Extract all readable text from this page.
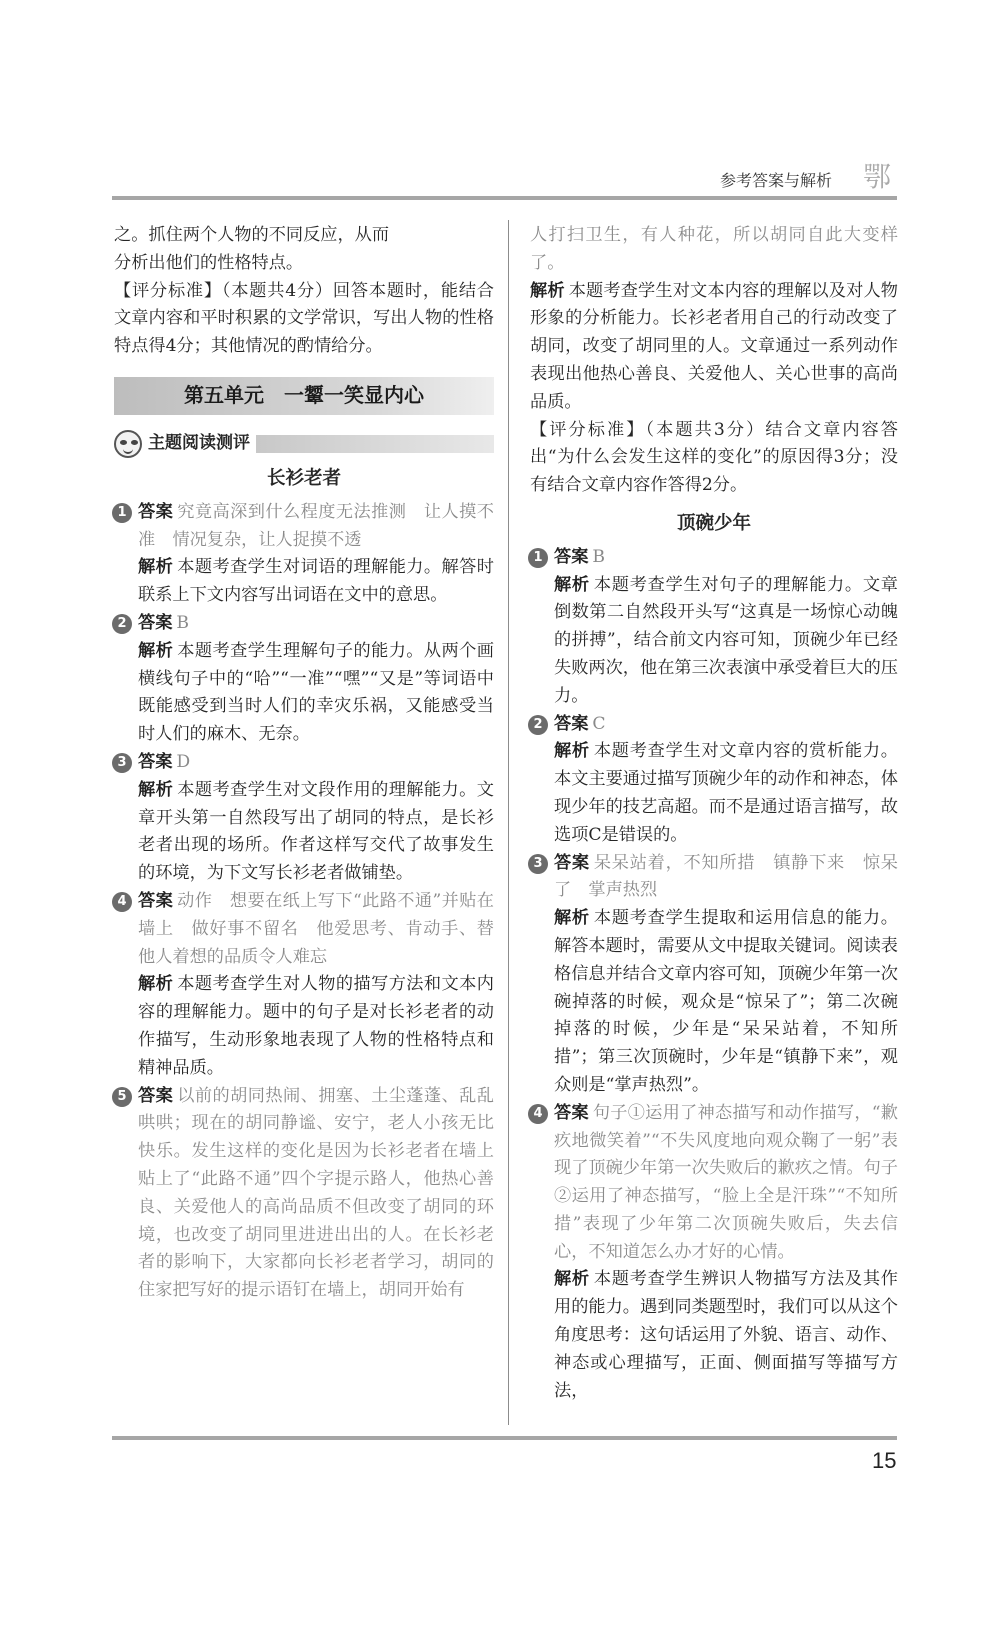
参考答案与解析 鄂

之。抓住两个人物的不同反应，从而

分析出他们的性格特点。

【评分标准】（本题共4分）回答本题时，能结合文章内容和平时积累的文学常识，写出人物的性格特点得4分；其他情况的酌情给分。

第五单元　一颦一笑显内心
主题阅读测评
长衫老者
1 答案 究竟高深到什么程度无法推测　让人摸不准　情况复杂，让人捉摸不透

解析 本题考查学生对词语的理解能力。解答时联系上下文内容写出词语在文中的意思。

2 答案 B

解析 本题考查学生理解句子的能力。从两个画横线句子中的“哈”“一准”“嘿”“又是”等词语中既能感受到当时人们的幸灾乐祸，又能感受当时人们的麻木、无奈。

3 答案 D

解析 本题考查学生对文段作用的理解能力。文章开头第一自然段写出了胡同的特点，是长衫老者出现的场所。作者这样写交代了故事发生的环境，为下文写长衫老者做铺垫。

4 答案 动作　想要在纸上写下“此路不通”并贴在墙上　做好事不留名　他爱思考、肯动手、替他人着想的品质令人难忘

解析 本题考查学生对人物的描写方法和文本内容的理解能力。题中的句子是对长衫老者的动作描写，生动形象地表现了人物的性格特点和精神品质。

5 答案 以前的胡同热闹、拥塞、土尘蓬蓬、乱乱哄哄；现在的胡同静谧、安宁，老人小孩无比快乐。发生这样的变化是因为长衫老者在墙上贴上了“此路不通”四个字提示路人，他热心善良、关爱他人的高尚品质不但改变了胡同的环境，也改变了胡同里进进出出的人。在长衫老者的影响下，大家都向长衫老者学习，胡同的住家把写好的提示语钉在墙上，胡同开始有

人打扫卫生，有人种花，所以胡同自此大变样了。

解析 本题考查学生对文本内容的理解以及对人物形象的分析能力。长衫老者用自己的行动改变了胡同，改变了胡同里的人。文章通过一系列动作表现出他热心善良、关爱他人、关心世事的高尚品质。

【评分标准】（本题共3分）结合文章内容答出“为什么会发生这样的变化”的原因得3分；没有结合文章内容作答得2分。

顶碗少年
1 答案 B

解析 本题考查学生对句子的理解能力。文章倒数第二自然段开头写“这真是一场惊心动魄的拼搏”，结合前文内容可知，顶碗少年已经失败两次，他在第三次表演中承受着巨大的压力。

2 答案 C

解析 本题考查学生对文章内容的赏析能力。本文主要通过描写顶碗少年的动作和神态，体现少年的技艺高超。而不是通过语言描写，故选项C是错误的。

3 答案 呆呆站着，不知所措　镇静下来　惊呆了　掌声热烈

解析 本题考查学生提取和运用信息的能力。解答本题时，需要从文中提取关键词。阅读表格信息并结合文章内容可知，顶碗少年第一次碗掉落的时候，观众是“惊呆了”；第二次碗掉落的时候，少年是“呆呆站着，不知所措”；第三次顶碗时，少年是“镇静下来”，观众则是“掌声热烈”。

4 答案 句子①运用了神态描写和动作描写，“歉疚地微笑着”“不失风度地向观众鞠了一躬”表现了顶碗少年第一次失败后的歉疚之情。句子②运用了神态描写，“脸上全是汗珠”“不知所措”表现了少年第二次顶碗失败后，失去信心，不知道怎么办才好的心情。

解析 本题考查学生辨识人物描写方法及其作用的能力。遇到同类题型时，我们可以从这个角度思考：这句话运用了外貌、语言、动作、神态或心理描写，正面、侧面描写等描写方法，

15
